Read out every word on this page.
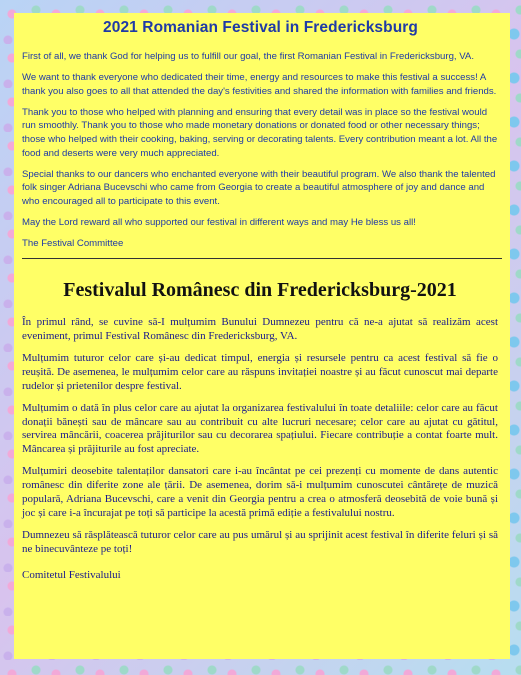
2021 Romanian Festival in Fredericksburg

First of all, we thank God for helping us to fulfill our goal, the first Romanian Festival in Fredericksburg, VA.

We want to thank everyone who dedicated their time, energy and resources to make this festival a success! A thank you also goes to all that attended the day's festivities and shared the information with families and friends.

Thank you to those who helped with planning and ensuring that every detail was in place so the festival would run smoothly. Thank you to those who made monetary donations or donated food or other necessary things; those who helped with their cooking, baking, serving or decorating talents. Every contribution meant a lot. All the food and deserts were very much appreciated.

Special thanks to our dancers who enchanted everyone with their beautiful program. We also thank the talented folk singer Adriana Bucevschi who came from Georgia to create a beautiful atmosphere of joy and dance and who encouraged all to participate to this event.

May the Lord reward all who supported our festival in different ways and may He bless us all!

The Festival Committee

Festivalul Românesc din Fredericksburg-2021

În primul rând, se cuvine să-I mulțumim Bunului Dumnezeu pentru că ne-a ajutat să realizăm acest eveniment, primul Festival Românesc din Fredericksburg, VA.

Mulțumim tuturor celor care și-au dedicat timpul, energia și resursele pentru ca acest festival să fie o reușită. De asemenea, le mulțumim celor care au răspuns invitației noastre și au făcut cunoscut mai departe rudelor și prietenilor despre festival.

Mulțumim o dată în plus celor care au ajutat la organizarea festivalului în toate detaliile: celor care au făcut donații bănești sau de mâncare sau au contribuit cu alte lucruri necesare; celor care au ajutat cu gătitul, servirea mâncării, coacerea prăjiturilor sau cu decorarea spațiului. Fiecare contribuție a contat foarte mult. Mâncarea și prăjiturile au fost apreciate.

Mulțumiri deosebite talentaților dansatori care i-au încântat pe cei prezenți cu momente de dans autentic românesc din diferite zone ale țării. De asemenea, dorim să-i mulțumim cunoscutei cântărețe de muzică populară, Adriana Bucevschi, care a venit din Georgia pentru a crea o atmosferă deosebită de voie bună și joc și care i-a încurajat pe toți să participe la acestă primă ediție a festivalului nostru.

Dumnezeu să răsplătească tuturor celor care au pus umărul și au sprijinit acest festival în diferite feluri și să ne binecuvânteze pe toți!

Comitetul Festivalului
